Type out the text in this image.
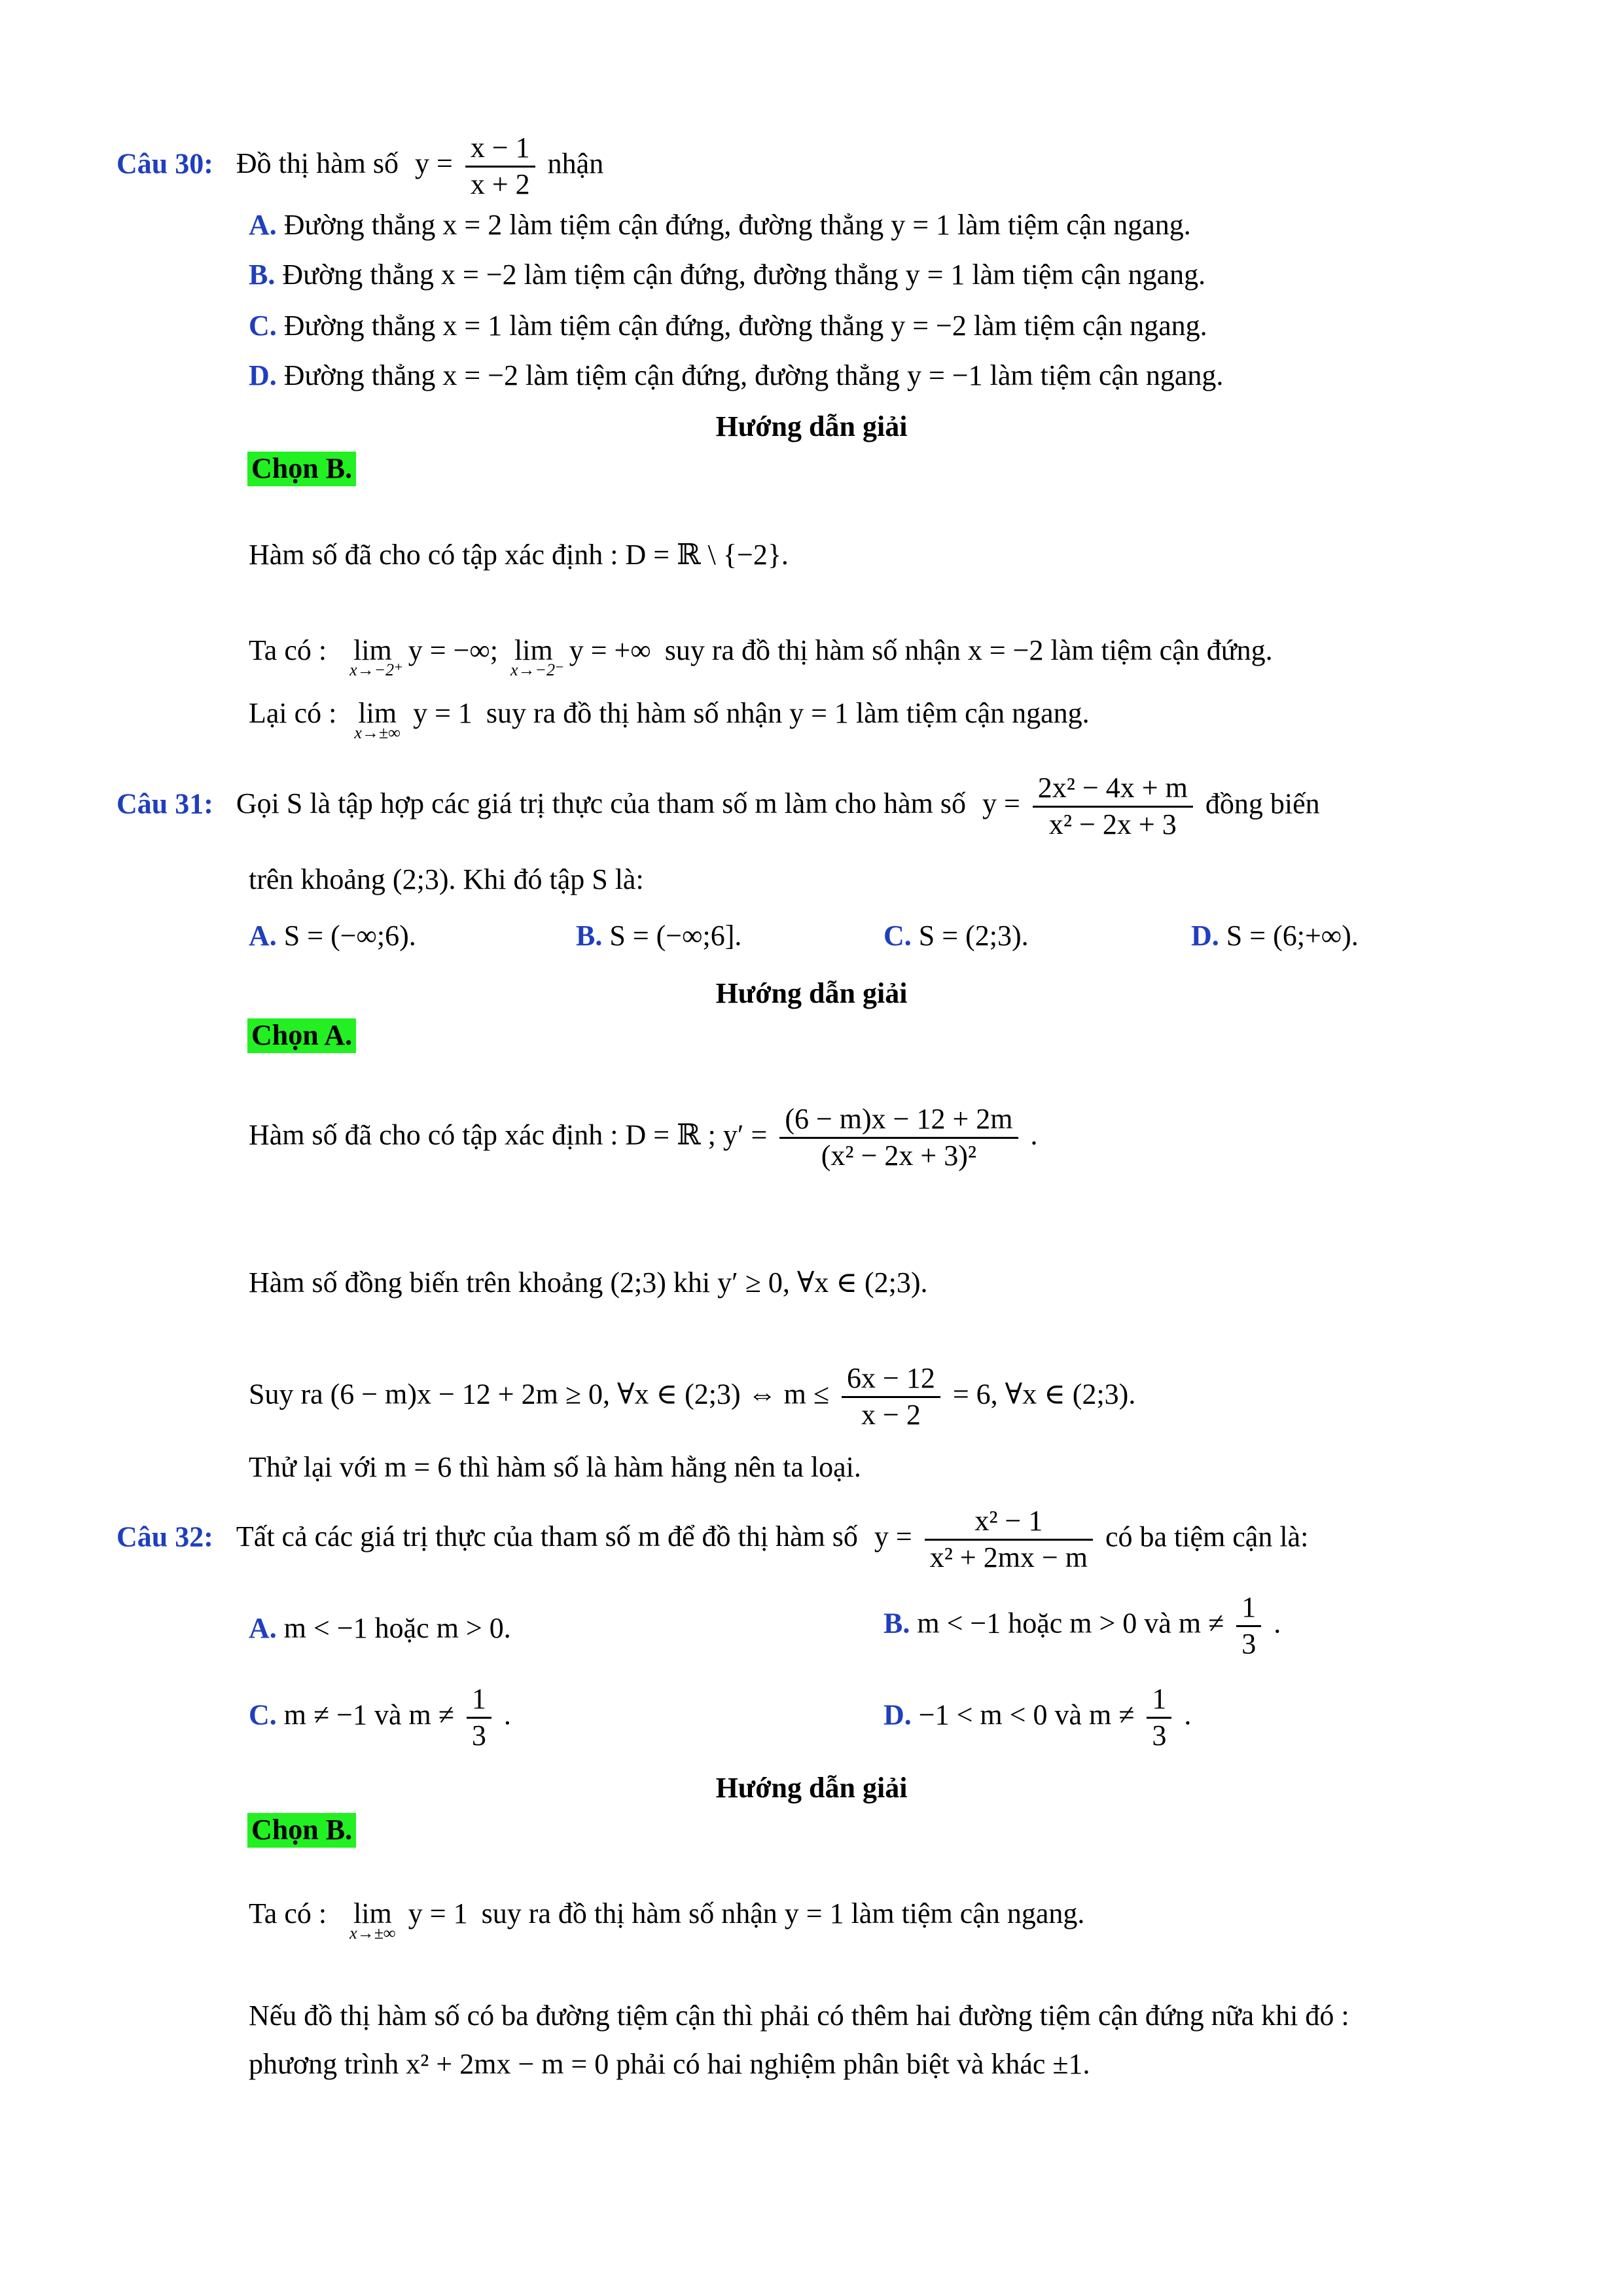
Câu 30: Đồ thị hàm số $y = \frac{x - 1}{x + 2}$ nhận
A. Đường thẳng x = 2 làm tiệm cận đứng, đường thẳng y = 1 làm tiệm cận ngang.
B. Đường thẳng x = −2 làm tiệm cận đứng, đường thẳng y = 1 làm tiệm cận ngang.
C. Đường thẳng x = 1 làm tiệm cận đứng, đường thẳng y = −2 làm tiệm cận ngang.
D. Đường thẳng x = −2 làm tiệm cận đứng, đường thẳng y = −1 làm tiệm cận ngang.
Hướng dẫn giải
Chọn B.
Hàm số đã cho có tập xác định : D = ℝ \ {−2}.
Ta có : lim
x→−2⁺
y = −∞; lim
x→−2⁻
y = +∞ suy ra đồ thị hàm số nhận x = −2 làm tiệm cận đứng.
Lại có : lim
x→±∞
y = 1 suy ra đồ thị hàm số nhận y = 1 làm tiệm cận ngang.
Câu 31: Gọi S là tập hợp các giá trị thực của tham số m làm cho hàm số $y = \frac{\text{2x² − 4x + m}}{\text{x² − 2x + 3}}$ đồng biến
trên khoảng (2;3). Khi đó tập S là:
A. S = (−∞;6).	B. S = (−∞;6].	C. S = (2;3).	D. S = (6;+∞).
Hướng dẫn giải
Chọn A.
Hàm số đã cho có tập xác định : D = ℝ ; $y' = \frac{(6 - m)x - 12 + 2m}{\text{(x² − 2x + 3)²}}$ .
Hàm số đồng biến trên khoảng (2;3) khi y′ ≥ 0, ∀x ∈ (2;3).
Suy ra (6 − m)x − 12 + 2m ≥ 0, ∀x ∈ (2;3) ⇔ $m \le \frac{6x - 12}{x - 2} = 6$, ∀x ∈ (2;3).
Thử lại với m = 6 thì hàm số là hàm hằng nên ta loại.
Câu 32: Tất cả các giá trị thực của tham số m để đồ thị hàm số $y = \frac{\text{x² − 1}}{\text{x² + 2mx − m}}$ có ba tiệm cận là:
A. m < −1 hoặc m > 0.	B. m < −1 hoặc m > 0 và $m \ne \frac{1}{3}$ .
C. m ≠ −1 và $m \ne \frac{1}{3}$ .	D. −1 < m < 0 và $m \ne \frac{1}{3}$ .
Hướng dẫn giải
Chọn B.
Ta có : lim
x→±∞
y = 1 suy ra đồ thị hàm số nhận y = 1 làm tiệm cận ngang.
Nếu đồ thị hàm số có ba đường tiệm cận thì phải có thêm hai đường tiệm cận đứng nữa khi đó :
phương trình x² + 2mx − m = 0 phải có hai nghiệm phân biệt và khác ±1.
